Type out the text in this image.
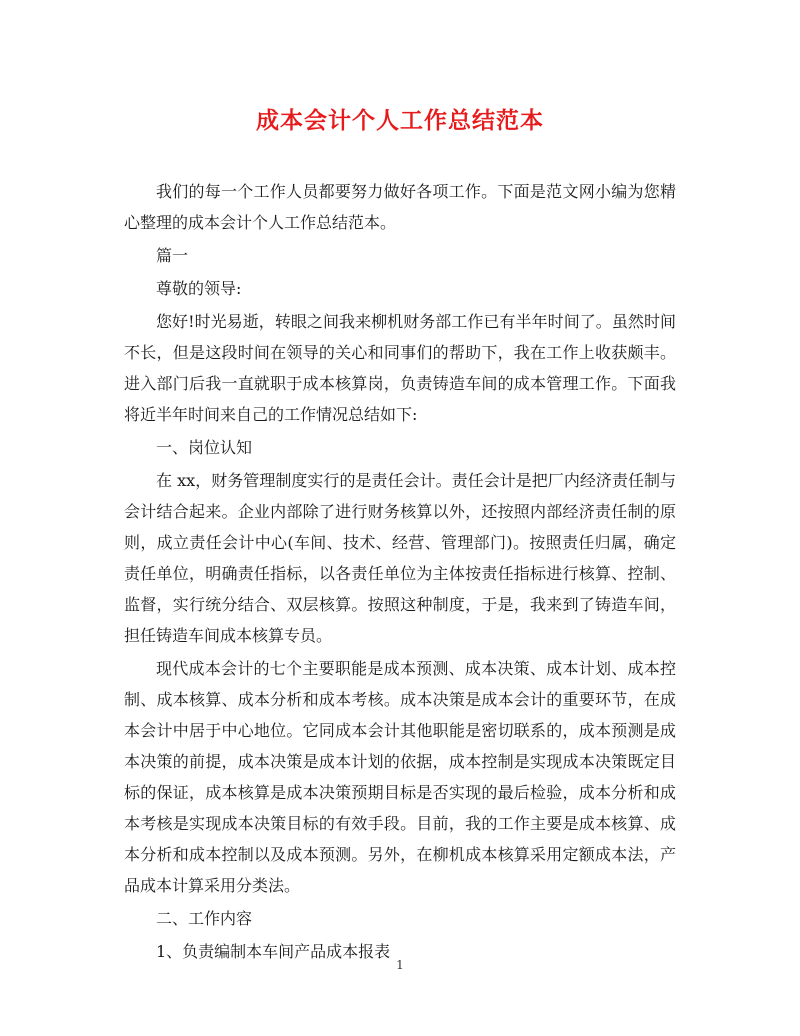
成本会计个人工作总结范本

我们的每一个工作人员都要努力做好各项工作。下面是范文网小编为您精心整理的成本会计个人工作总结范本。

篇一

尊敬的领导:

您好!时光易逝，转眼之间我来柳机财务部工作已有半年时间了。虽然时间不长，但是这段时间在领导的关心和同事们的帮助下，我在工作上收获颇丰。进入部门后我一直就职于成本核算岗，负责铸造车间的成本管理工作。下面我将近半年时间来自己的工作情况总结如下:

一、岗位认知

在 xx，财务管理制度实行的是责任会计。责任会计是把厂内经济责任制与会计结合起来。企业内部除了进行财务核算以外，还按照内部经济责任制的原则，成立责任会计中心(车间、技术、经营、管理部门)。按照责任归属，确定责任单位，明确责任指标，以各责任单位为主体按责任指标进行核算、控制、监督，实行统分结合、双层核算。按照这种制度，于是，我来到了铸造车间，担任铸造车间成本核算专员。

现代成本会计的七个主要职能是成本预测、成本决策、成本计划、成本控制、成本核算、成本分析和成本考核。成本决策是成本会计的重要环节，在成本会计中居于中心地位。它同成本会计其他职能是密切联系的，成本预测是成本决策的前提，成本决策是成本计划的依据，成本控制是实现成本决策既定目标的保证，成本核算是成本决策预期目标是否实现的最后检验，成本分析和成本考核是实现成本决策目标的有效手段。目前，我的工作主要是成本核算、成本分析和成本控制以及成本预测。另外，在柳机成本核算采用定额成本法，产品成本计算采用分类法。

二、工作内容

1、负责编制本车间产品成本报表

1
